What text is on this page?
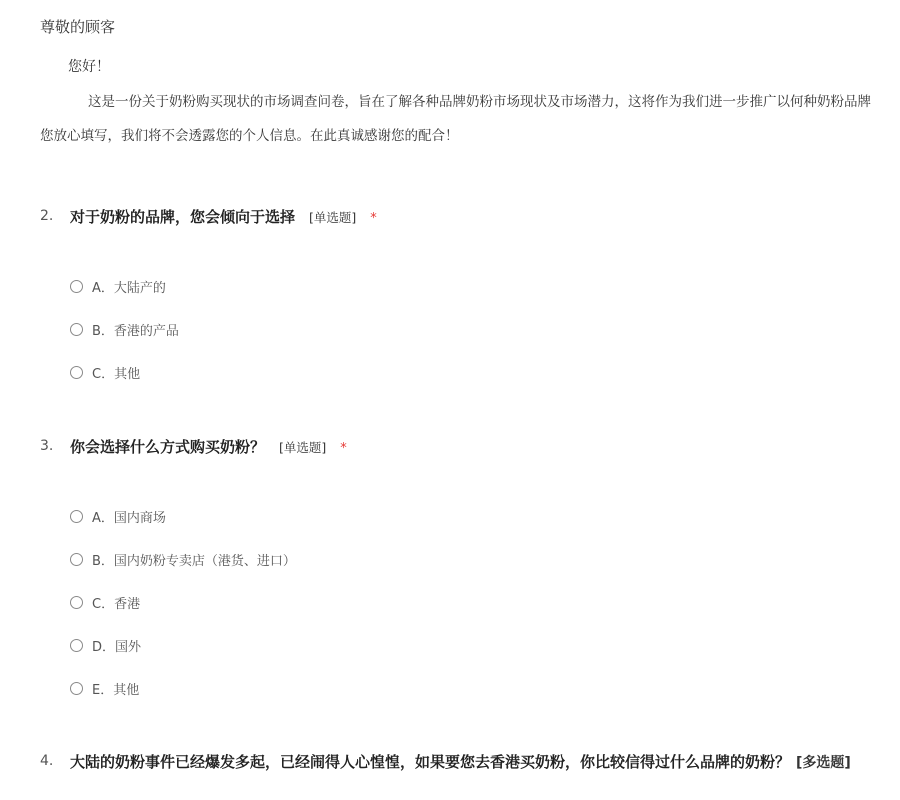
尊敬的顾客
您好！
这是一份关于奶粉购买现状的市场调查问卷，旨在了解各种品牌奶粉市场现状及市场潜力，这将作为我们进一步推广以何种奶粉品牌
您放心填写，我们将不会透露您的个人信息。在此真诚感谢您的配合！
2. 对于奶粉的品牌，您会倾向于选择 [单选题] *
A．大陆产的
B．香港的产品
C．其他
3. 你会选择什么方式购买奶粉？ [单选题] *
A．国内商场
B．国内奶粉专卖店（港货、进口）
C．香港
D．国外
E．其他
4. 大陆的奶粉事件已经爆发多起，已经闹得人心惶惶，如果要您去香港买奶粉，你比较信得过什么品牌的奶粉？ [多选题]
